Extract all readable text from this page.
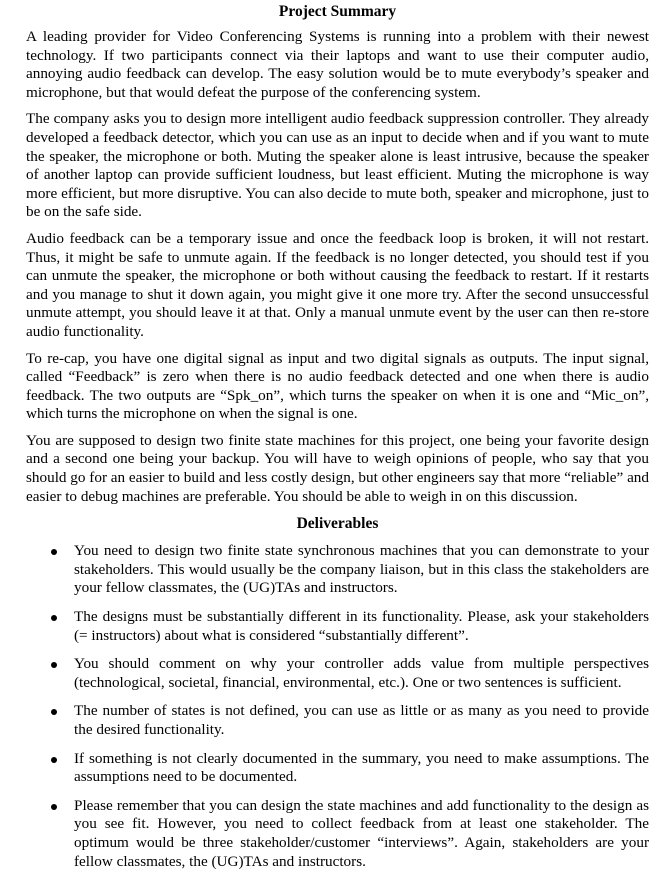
Project Summary

A leading provider for Video Conferencing Systems is running into a problem with their newest technology. If two participants connect via their laptops and want to use their computer audio, annoying audio feedback can develop. The easy solution would be to mute everybody’s speaker and microphone, but that would defeat the purpose of the conferencing system.

The company asks you to design more intelligent audio feedback suppression controller. They already developed a feedback detector, which you can use as an input to decide when and if you want to mute the speaker, the microphone or both. Muting the speaker alone is least intrusive, because the speaker of another laptop can provide sufficient loudness, but least efficient. Muting the microphone is way more efficient, but more disruptive. You can also decide to mute both, speaker and microphone, just to be on the safe side.

Audio feedback can be a temporary issue and once the feedback loop is broken, it will not restart. Thus, it might be safe to unmute again. If the feedback is no longer detected, you should test if you can unmute the speaker, the microphone or both without causing the feedback to restart. If it restarts and you manage to shut it down again, you might give it one more try. After the second unsuccessful unmute attempt, you should leave it at that. Only a manual unmute event by the user can then re-store audio functionality.

To re-cap, you have one digital signal as input and two digital signals as outputs. The input signal, called “Feedback” is zero when there is no audio feedback detected and one when there is audio feedback. The two outputs are “Spk_on”, which turns the speaker on when it is one and “Mic_on”, which turns the microphone on when the signal is one.

You are supposed to design two finite state machines for this project, one being your favorite design and a second one being your backup. You will have to weigh opinions of people, who say that you should go for an easier to build and less costly design, but other engineers say that more “reliable” and easier to debug machines are preferable. You should be able to weigh in on this discussion.

Deliverables
You need to design two finite state synchronous machines that you can demonstrate to your stakeholders. This would usually be the company liaison, but in this class the stakeholders are your fellow classmates, the (UG)TAs and instructors.
The designs must be substantially different in its functionality. Please, ask your stakeholders (= instructors) about what is considered “substantially different”.
You should comment on why your controller adds value from multiple perspectives (technological, societal, financial, environmental, etc.). One or two sentences is sufficient.
The number of states is not defined, you can use as little or as many as you need to provide the desired functionality.
If something is not clearly documented in the summary, you need to make assumptions. The assumptions need to be documented.
Please remember that you can design the state machines and add functionality to the design as you see fit. However, you need to collect feedback from at least one stakeholder. The optimum would be three stakeholder/customer “interviews”. Again, stakeholders are your fellow classmates, the (UG)TAs and instructors.
